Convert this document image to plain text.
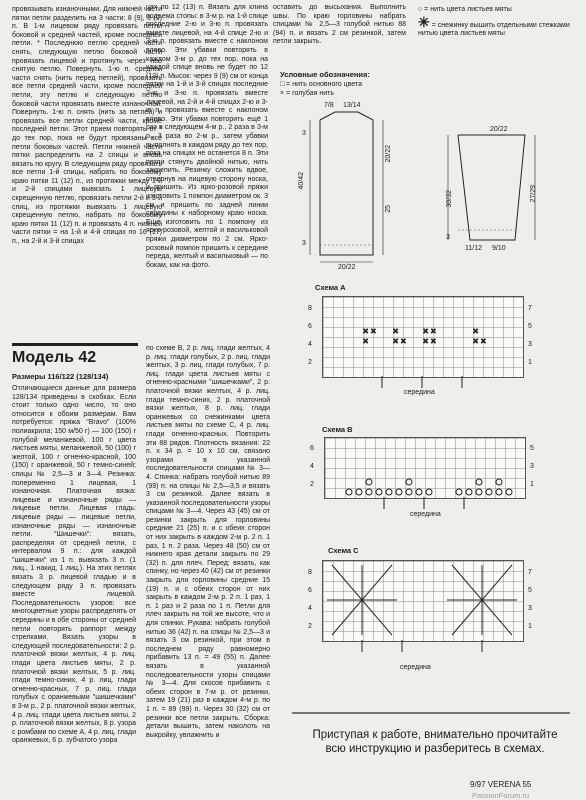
провязывать изнаночными. Для нижней части пятки петли разделить на 3 части: 8 (9), 8 (9) п. В 1-м лицевом ряду провязать петли боковой и средней частей, кроме последней петли. * Последнюю петлю средней части снять, следующую петлю боковой части провязать лицевой и протянуть через нее снятую петлю. Повернуть. 1-ю п. средней части снять (нить перед петлей), провязать все петли средней части, кроме последней петли, эту петлю и следующую петлю боковой части провязать вместе изнаночной. Повернуть. 1-ю п. снять (нить за петлей) и провязать все петли средней части, кроме последней петли. Этот прием повторять от * до тех пор, пока не будут провязаны все петли боковых частей. Петли нижней части пятки распределить на 2 спицы и вновь вязать по кругу. В следующем ряду провязать все петли 1-й спицы, набрать по боковому краю пятки 11 (12) п., из протяжки между 1-й и 2-й спицами вывязать 1 лицевую скрещенную петлю, провязать петли 2-й и 3-й спиц, из протяжки вывязать 1 лицевую скрещенную петлю, набрать по боковому краю пятки 11 (12) п. и провязать 4 п. нижней части пятки = на 1-й и 4-й спицах по 16 (17) п., на 2-й и 3-й спицах
цах по 12 (13) п. Вязать для клина подъема стопы: в 3-м р. на 1-й спице последние 2-ю и 3-ю п. провязать вместе лицевой, на 4-й спице 2-ю и 3-ю п. провязать вместе с наклоном влево. Эти убавки повторять в каждом 3-м р. до тех пор, пока на каждой спице вновь не будет по 12 (13) п. Мысок: через 9 (9) см от конца пятки на 1-й и 3-й спицах последние 2-ю и 3-ю п. провязать вместе лицевой, на 2-й и 4-й спицах 2-ю и 3-ю п. провязать вместе с наклоном влево. Эти убавки повторить ещё 1 раз в следующем 4-м р., 2 раза в 3-м р., 3 раза во 2-м р., затем убавки выполнять в каждом ряду до тех пор, пока на спицах не останется 8 п. Эти петли стянуть двойной нитью, нить закрепить. Резинку сложить вдвое, отвернув на лицевую сторону носка, и пришить. Из ярко-розовой пряжи изготовить 1 помпон диаметром ок. 3 см и пришить по задней линии середины к наборному краю носка. Еще изготовить по 1 помпону из ярко-розовой, желтой и васильковой пряжи диаметром по 2 см. Ярко-розовый помпон пришить к середине переда, желтый и васильковый — по бокам, как на фото.
оставить до высыхания. Выполнить швы. По краю горловины набрать спицами № 2,5—3 голубой нитью 88 (94) п. и вязать 2 см резинкой, затем петли закрыть.
○ = нить цвета листьев мяты
✳ = снежинку вышить отдельными стежками нитью цвета листьев мяты
Условные обозначения:
□ = нить основного цвета
× = голубая нить
7/8 13/14
3
40/42
3
20/22
25
20/22
20/22
30/32	27/29
3
11/12 9/10
Схема А
× ×
×
×
× ×
× ×
× ×
×
× ×
8
6
4
2
7
5
3
1
середина
Схема В
6
4
2
5
3
1
середина
Схема С
8
6
4
2
7
5
3
1
середина
Модель 42
Размеры 116/122 (128/134)
Отличающиеся данные для размера 128/134 приведены в скобках. Если стоит только одно число, то оно относится к обоим размерам. Вам потребуется: пряжа "Bravo" (100% полиакрила; 150 м/50 г) — 100 (150) г голубой меланжевой, 100 г цвета листьев мяты, меланжевой, 50 (100) г желтой, 100 г огненно-красной, 100 (150) г оранжевой, 50 г темно-синей; спицы № 2,5—3 и 3—4. Резинка: попеременно 1 лицевая, 1 изнаночная. Платочная вязка: лицевые и изнаночные ряды — лицевые петли. Лицевая гладь: лицевые ряды — лицевые петли, изнаночные ряды — изнаночные петли. "Шишечки": вязать, распределяя от средней петли, с интервалом 9 п.: для каждой "шишечки" из 1 п. вывязать 3 п. (1 лиц., 1 накид, 1 лиц.). На этих петлях вязать 3 р. лицевой гладью и в следующем ряду 3 п. провязать вместе лицевой. Последовательность узоров: все многоцветные узоры распределять от середины и в обе стороны от средней петли повторять раппорт между стрелками. Вязать узоры в следующей последовательности: 2 р. платочной вязки желтых, 4 р. лиц. глади цвета листьев мяты, 2 р. платочной вязки желтых, 5 р. лиц. глади темно-синих, 4 р. лиц. глади огненно-красных, 7 р. лиц. глади голубых с оранжевыми "шишечками" в 3-м р., 2 р. платочной вязки желтых, 4 р. лиц. глади цвета листьев мяты, 2 р. платочной вязки желтых, 8 р. узора с ромбами по схеме А, 4 р. лиц. глади оранжевых, 6 р. зубчатого узора
по схеме В, 2 р. лиц. глади желтых, 4 р. лиц. глади голубых, 2 р. лиц. глади желтых, 3 р. лиц. глади голубых, 7 р. лиц. глади цвета листьев мяты с огненно-красными "шишечками", 2 р. платочной вязки желтых, 4 р. лиц. глади темно-синих, 2 р. платочной вязки желтых, 8 р. лиц. глади оранжевых со снежинками цвета листьев мяты по схеме С, 4 р. лиц. глади огненно-красных. Повторить эти 88 рядов. Плотность вязания: 22 п. x 34 р. = 10 x 10 см, связано узорами в указанной последовательности спицами № 3—4. Спинка: набрать голубой нитью 89 (99) п. на спицы № 2,5—3,5 и вязать 3 см резинкой. Далее вязать в указанной последовательности узоры спицами № 3—4. Через 43 (45) см от резинки закрыть для горловины средние 21 (25) п. и с обеих сторон от них закрыть в каждом 2-м р. 2 п. 1 раз, 1 п. 2 раза. Через 48 (50) см от нижнего края детали закрыть по 29 (32) п. для плеч. Перед: вязать, как спинку, но через 40 (42) см от резинки закрыть для горловины средние 15 (19) п. и с обеих сторон от них закрыть в каждом 2-м р. 2 п. 1 раз, 1 п. 1 раз и 2 раза по 1 п. Петли для плеч закрыть на той же высоте, что и для спинки. Рукава: набрать голубой нитью 36 (42) п. на спицы № 2,5—3 и вязать 3 см резинкой, при этом в последнем ряду равномерно прибавить 13 п. = 49 (55) п. Далее вязать в указанной последовательности узоры спицами № 3—4. Для скосов прибавить с обеих сторон в 7-м р. от резинки, затем 19 (21) раз в каждом 4-м р. по 1 п. = 89 (99) п. Через 30 (32) см от резинки все петли закрыть. Сборка: детали вышить, затем наколоть на выкройку, увлажнить и	Приступая к работе, внимательно прочитайте всю инструкцию и разберитесь в схемах.
9/97 VERENA 55
PassionForum.ru
